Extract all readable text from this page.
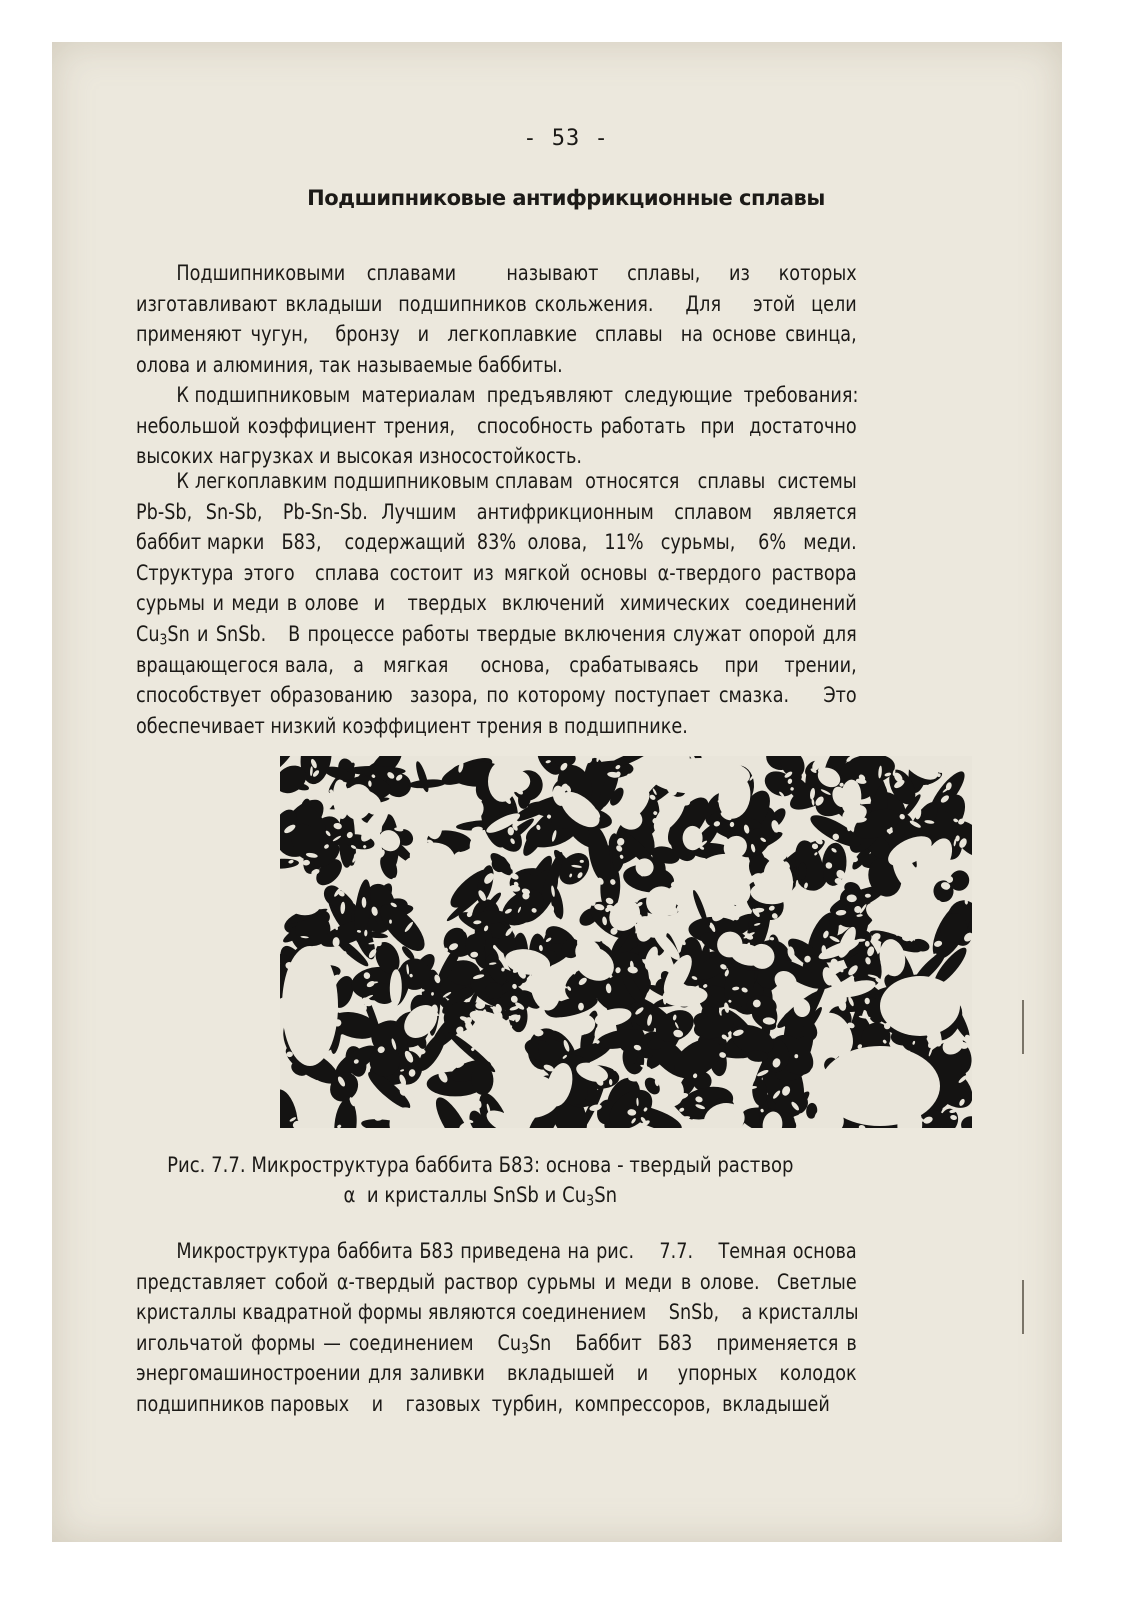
- 53 -
Подшипниковые антифрикционные сплавы
Подшипниковыми   сплавами       называют    сплавы,    из    которых
изготавливают вкладыши  подшипников скольжения.    Для    этой  цели
применяют чугун,   бронзу  и  легкоплавкие  сплавы  на основе свинца,
олова и алюминия, так называемые баббиты.
К подшипниковым  материалам  предъявляют  следующие  требования:
небольшой коэффициент трения,   способность работать  при  достаточно
высоких нагрузках и высокая износостойкость.
К легкоплавким подшипниковым сплавам  относятся   сплавы  системы
Pb-Sb,  Sn-Sb,   Pb-Sn-Sb.  Лучшим   антифрикционным   сплавом   является
баббит марки   Б83,    содержащий  83%  олова,   11%   сурьмы,    6%   меди.
Структура этого  сплава состоит из мягкой основы α-твердого раствора
сурьмы и меди в олове  и   твердых  включений  химических  соединений
$Cu_3Sn$ и SnSb.   В процессе работы твердые включения служат опорой для
вращающегося вала,   а   мягкая     основа,   срабатываясь    при    трении,
способствует образованию  зазора, по которому поступает смазка.    Это
обеспечивает низкий коэффициент трения в подшипнике.
Рис. 7.7. Микроструктура баббита Б83: основа - твердый раствор
α  и кристаллы SnSb и $Cu_3Sn$
Микроструктура баббита Б83 приведена на рис.    7.7.    Темная основа
представляет собой α-твердый раствор сурьмы и меди в олове.  Светлые
кристаллы квадратной формы являются соединением    SnSb,    а кристаллы
игольчатой формы — соединением   $Cu_3Sn$   Баббит  Б83   применяется в
энергомашиностроении для заливки   вкладышей   и    упорных   колодок
подшипников паровых    и    газовых  турбин,  компрессоров,  вкладышей
